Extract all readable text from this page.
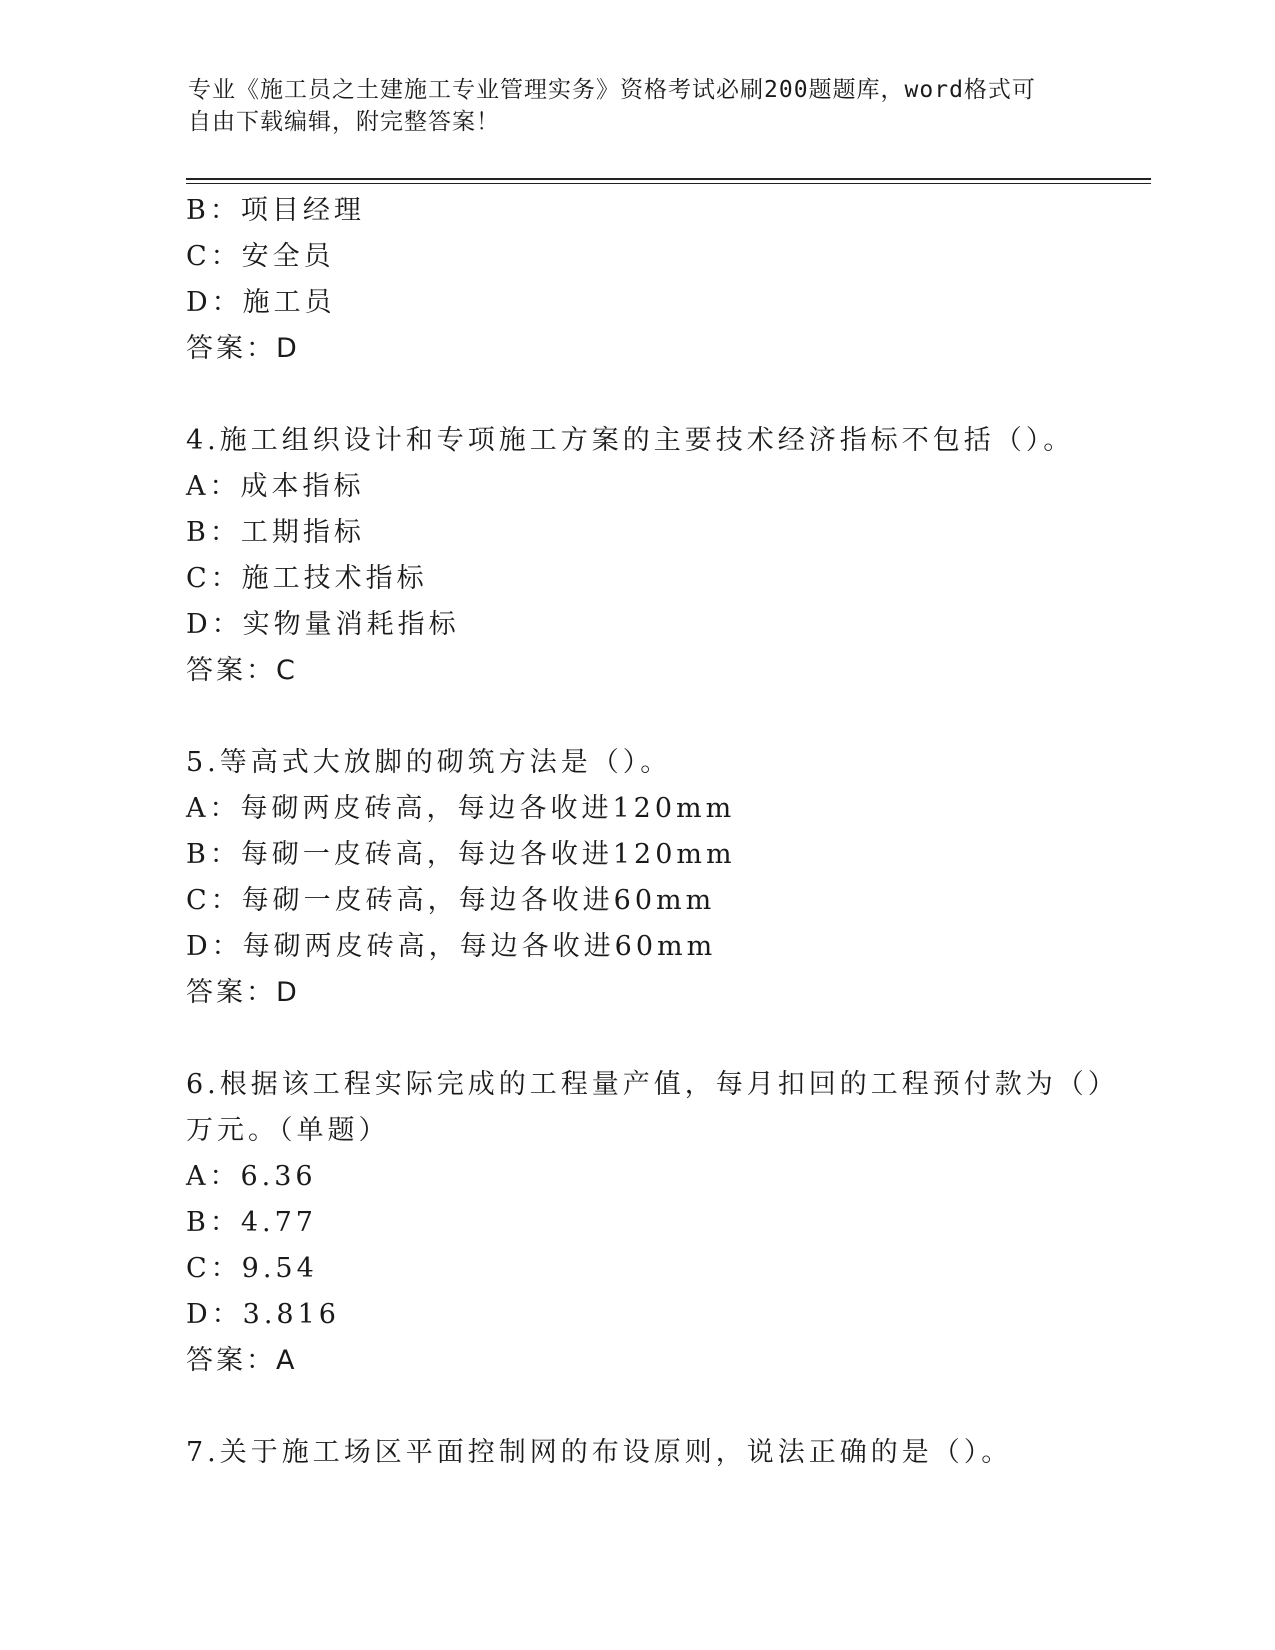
专业《施工员之土建施工专业管理实务》资格考试必刷200题题库，word格式可
自由下载编辑，附完整答案！
B：项目经理
C：安全员
D：施工员
答案：D
4.施工组织设计和专项施工方案的主要技术经济指标不包括（）。
A：成本指标
B：工期指标
C：施工技术指标
D：实物量消耗指标
答案：C
5.等高式大放脚的砌筑方法是（）。
A：每砌两皮砖高，每边各收进120mm
B：每砌一皮砖高，每边各收进120mm
C：每砌一皮砖高，每边各收进60mm
D：每砌两皮砖高，每边各收进60mm
答案：D
6.根据该工程实际完成的工程量产值，每月扣回的工程预付款为（）
万元。（单题）
A：6.36
B：4.77
C：9.54
D：3.816
答案：A
7.关于施工场区平面控制网的布设原则，说法正确的是（）。
